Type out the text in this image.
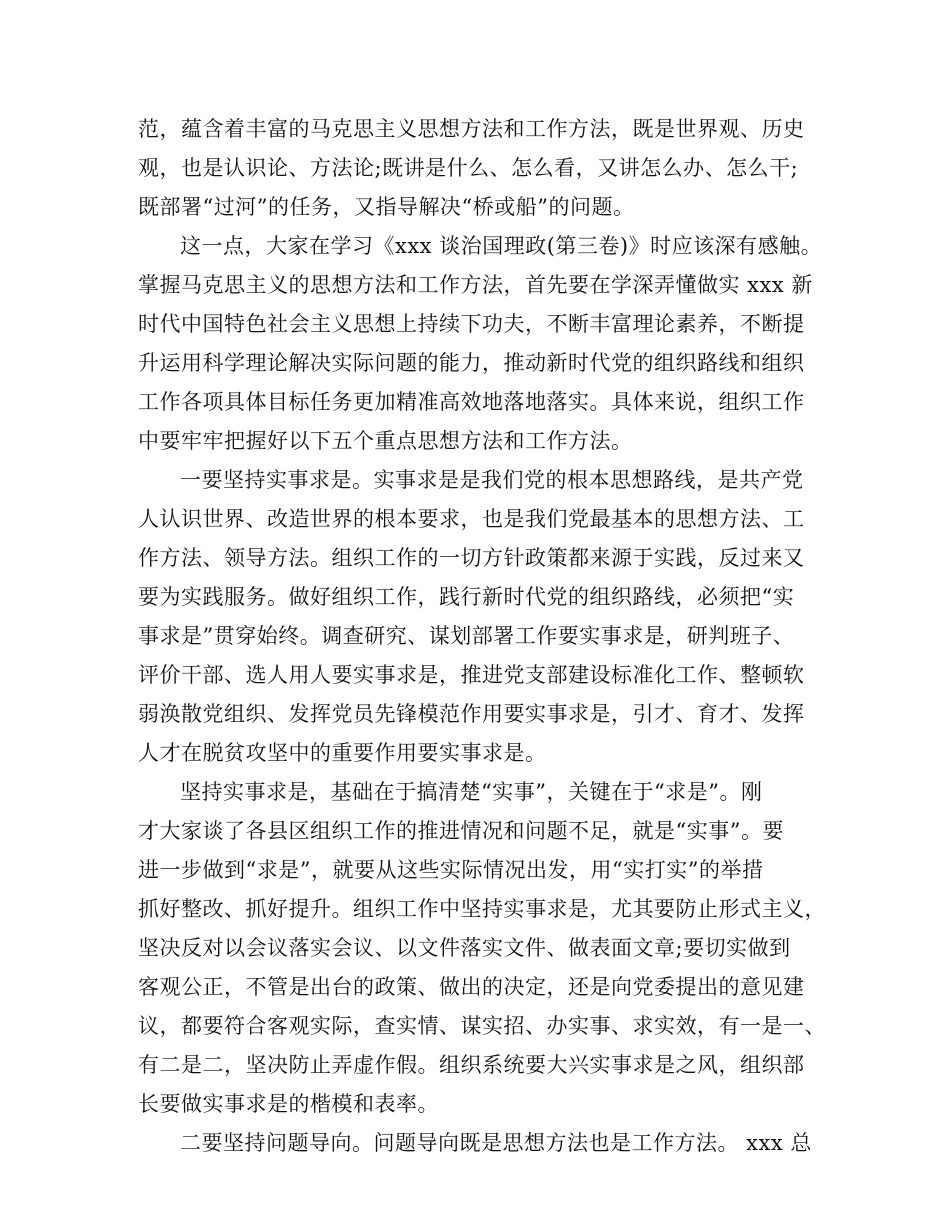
范，蕴含着丰富的马克思主义思想方法和工作方法，既是世界观、历史
观，也是认识论、方法论;既讲是什么、怎么看，又讲怎么办、怎么干;
既部署“过河”的任务，又指导解决“桥或船”的问题。
这一点，大家在学习《xxx 谈治国理政(第三卷)》时应该深有感触。
掌握马克思主义的思想方法和工作方法，首先要在学深弄懂做实 xxx 新
时代中国特色社会主义思想上持续下功夫，不断丰富理论素养，不断提
升运用科学理论解决实际问题的能力，推动新时代党的组织路线和组织
工作各项具体目标任务更加精准高效地落地落实。具体来说，组织工作
中要牢牢把握好以下五个重点思想方法和工作方法。
一要坚持实事求是。实事求是是我们党的根本思想路线，是共产党
人认识世界、改造世界的根本要求，也是我们党最基本的思想方法、工
作方法、领导方法。组织工作的一切方针政策都来源于实践，反过来又
要为实践服务。做好组织工作，践行新时代党的组织路线，必须把“实
事求是”贯穿始终。调查研究、谋划部署工作要实事求是，研判班子、
评价干部、选人用人要实事求是，推进党支部建设标准化工作、整顿软
弱涣散党组织、发挥党员先锋模范作用要实事求是，引才、育才、发挥
人才在脱贫攻坚中的重要作用要实事求是。
坚持实事求是，基础在于搞清楚“实事”，关键在于“求是”。刚
才大家谈了各县区组织工作的推进情况和问题不足，就是“实事”。要
进一步做到“求是”，就要从这些实际情况出发，用“实打实”的举措
抓好整改、抓好提升。组织工作中坚持实事求是，尤其要防止形式主义，
坚决反对以会议落实会议、以文件落实文件、做表面文章;要切实做到
客观公正，不管是出台的政策、做出的决定，还是向党委提出的意见建
议，都要符合客观实际，查实情、谋实招、办实事、求实效，有一是一、
有二是二，坚决防止弄虚作假。组织系统要大兴实事求是之风，组织部
长要做实事求是的楷模和表率。
二要坚持问题导向。问题导向既是思想方法也是工作方法。 xxx 总
